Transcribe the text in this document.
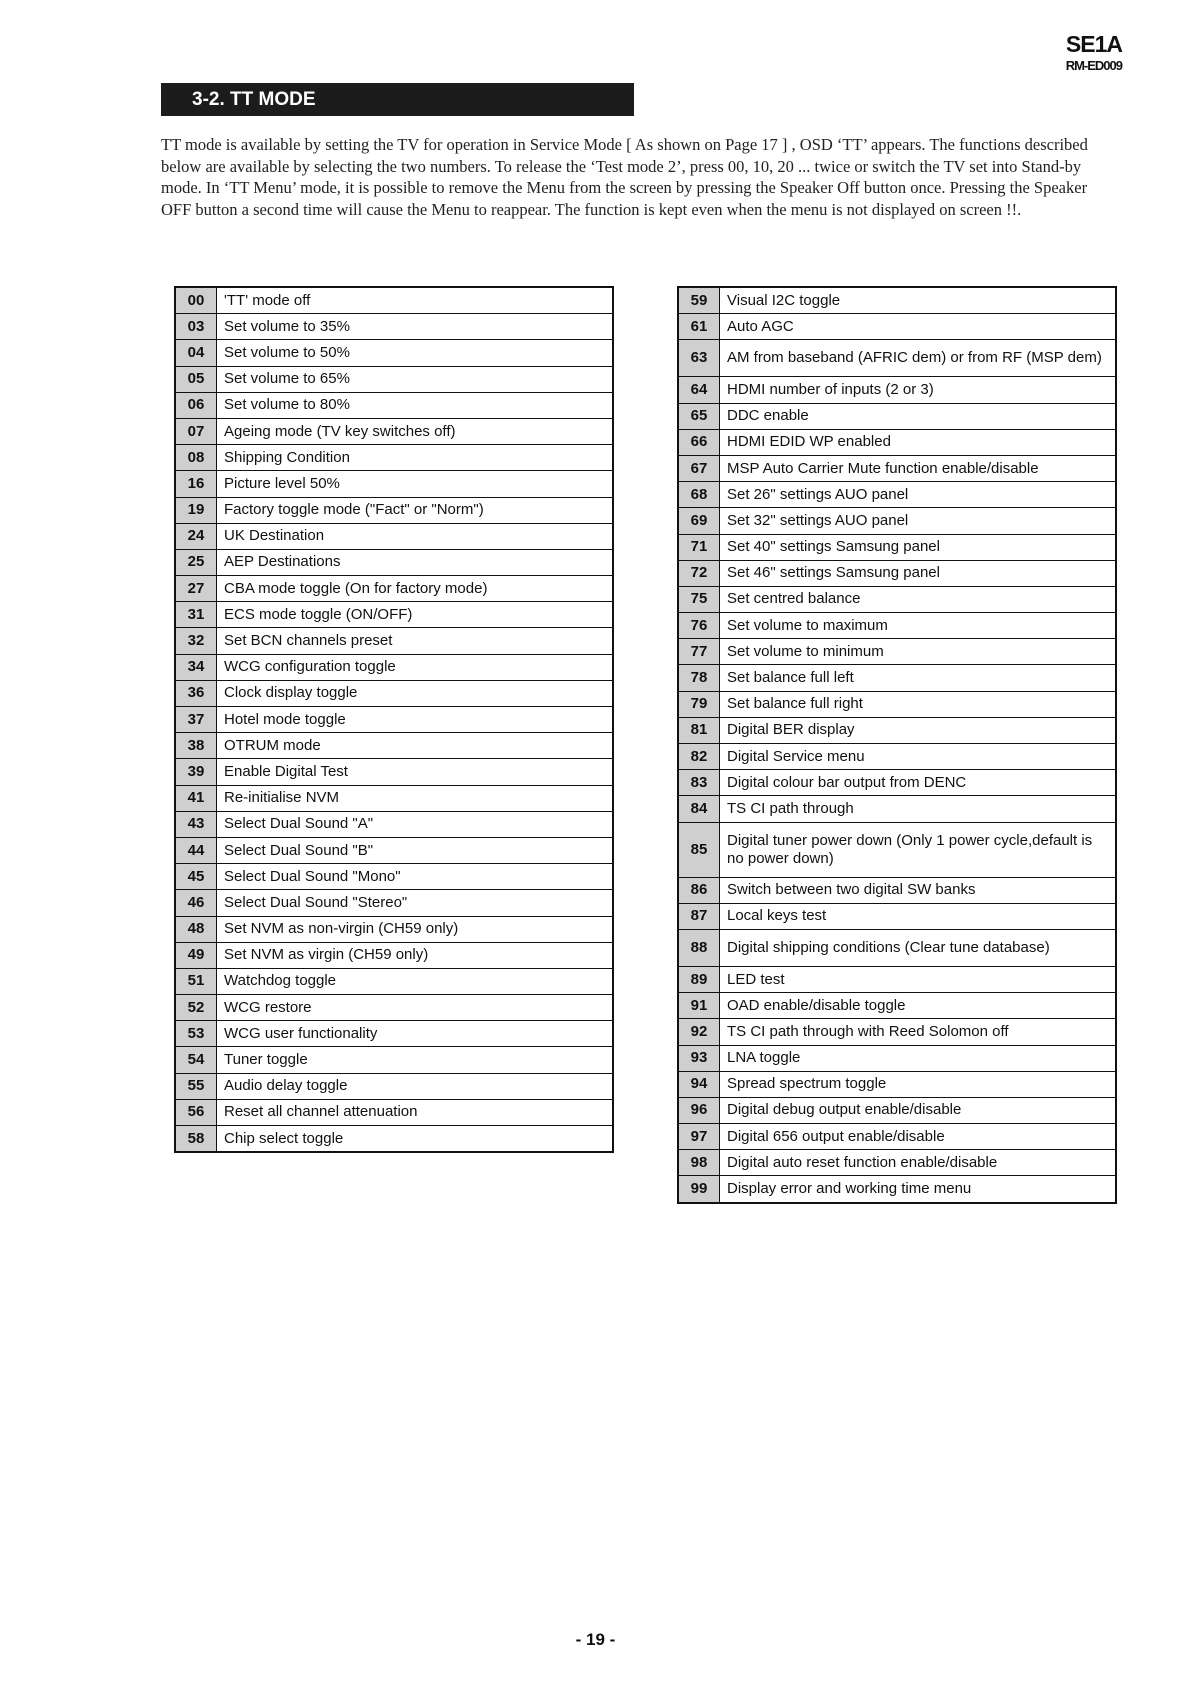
SE1A
RM-ED009
3-2. TT MODE

TT mode is available by setting the TV for operation in Service Mode [ As shown on Page 17 ] , OSD ‘TT’ appears. The functions described below are available by selecting the two numbers. To release the ‘Test mode 2’, press 00, 10, 20 ... twice or switch the TV set into Stand-by mode. In ‘TT Menu’ mode, it is possible to remove the Menu from the screen by pressing the Speaker Off button once. Pressing the Speaker OFF button a second time will cause the Menu to reappear. The function is kept even when the menu is not displayed on screen !!.

00	'TT' mode off
03	Set volume to 35%
04	Set volume to 50%
05	Set volume to 65%
06	Set volume to 80%
07	Ageing mode (TV key switches off)
08	Shipping Condition
16	Picture level 50%
19	Factory toggle mode ("Fact" or "Norm")
24	UK Destination
25	AEP Destinations
27	CBA mode toggle (On for factory mode)
31	ECS mode toggle (ON/OFF)
32	Set BCN channels preset
34	WCG configuration toggle
36	Clock display toggle
37	Hotel mode toggle
38	OTRUM mode
39	Enable Digital Test
41	Re-initialise NVM
43	Select Dual Sound "A"
44	Select Dual Sound "B"
45	Select Dual Sound "Mono"
46	Select Dual Sound "Stereo"
48	Set NVM as non-virgin (CH59 only)
49	Set NVM as virgin (CH59 only)
51	Watchdog toggle
52	WCG restore
53	WCG user functionality
54	Tuner toggle
55	Audio delay toggle
56	Reset all channel attenuation
58	Chip select toggle
59	Visual I2C toggle
61	Auto AGC
63	AM from baseband (AFRIC dem) or from RF (MSP dem)
64	HDMI number of inputs (2 or 3)
65	DDC enable
66	HDMI EDID WP enabled
67	MSP Auto Carrier Mute function enable/disable
68	Set 26" settings AUO panel
69	Set 32" settings AUO panel
71	Set 40" settings Samsung panel
72	Set 46" settings Samsung panel
75	Set centred balance
76	Set volume to maximum
77	Set volume to minimum
78	Set balance full left
79	Set balance full right
81	Digital BER display
82	Digital Service menu
83	Digital colour bar output from DENC
84	TS CI path through
85	Digital tuner power down (Only 1 power cycle,default is no power down)
86	Switch between two digital SW banks
87	Local keys test
88	Digital shipping conditions (Clear tune database)
89	LED test
91	OAD enable/disable toggle
92	TS CI path through with Reed Solomon off
93	LNA toggle
94	Spread spectrum toggle
96	Digital debug output enable/disable
97	Digital 656 output enable/disable
98	Digital auto reset function enable/disable
99	Display error and working time menu
- 19 -
